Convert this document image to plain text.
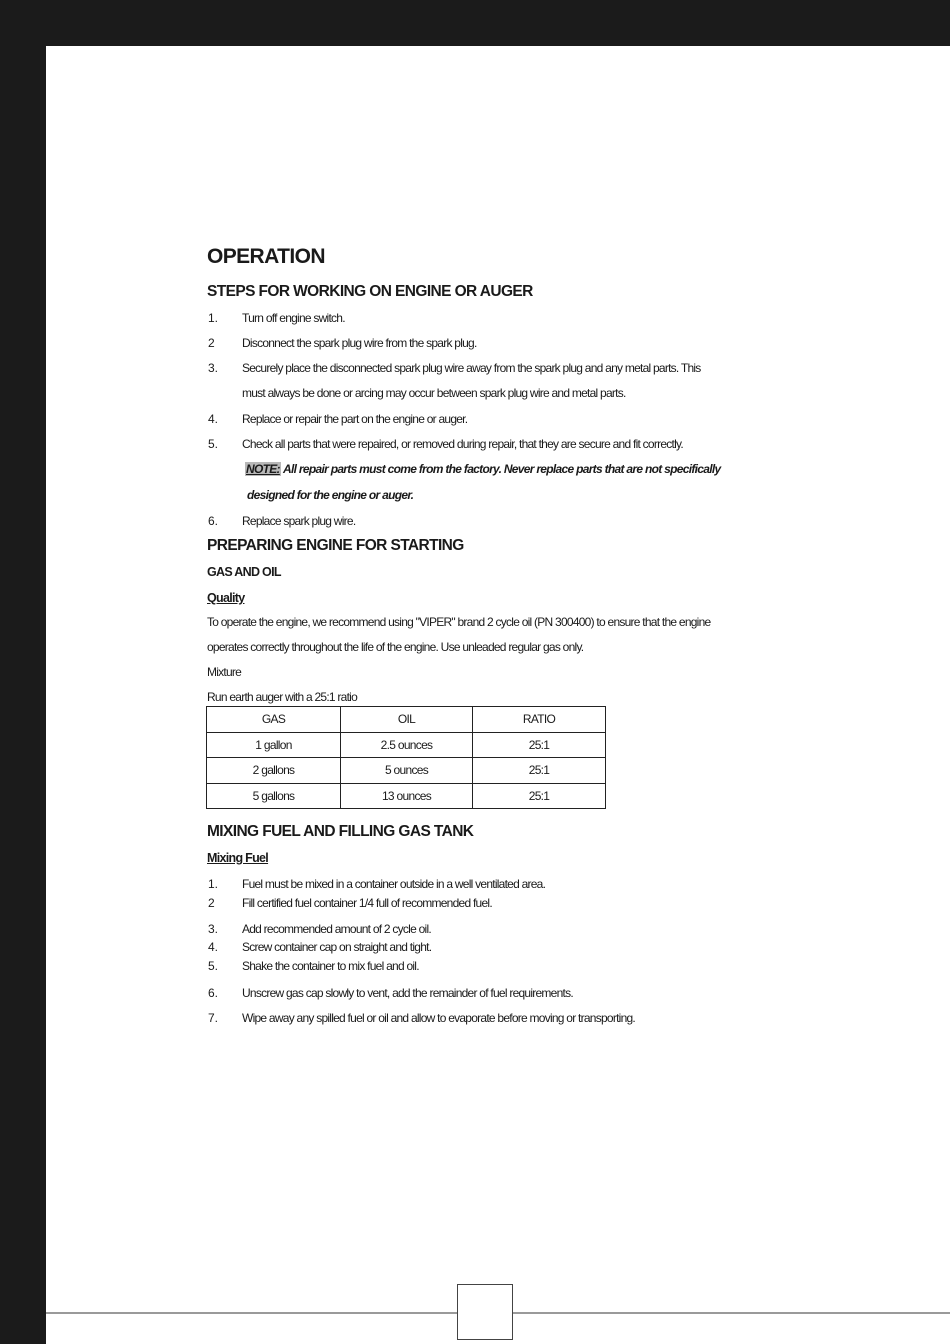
OPERATION
STEPS FOR WORKING ON ENGINE OR AUGER
1. Turn off engine switch.
2 Disconnect the spark plug wire from the spark plug.
3. Securely place the disconnected spark plug wire away from the spark plug and any metal parts. This
must always be done or arcing may occur between spark plug wire and metal parts.
4. Replace or repair the part on the engine or auger.
5. Check all parts that were repaired, or removed during repair, that they are secure and fit correctly.
NOTE: All repair parts must come from the factory. Never replace parts that are not specifically
designed for the engine or auger.
6. Replace spark plug wire.
PREPARING ENGINE FOR STARTING
GAS AND OIL
Quality
To operate the engine, we recommend using "VIPER" brand 2 cycle oil (PN 300400) to ensure that the engine
operates correctly throughout the life of the engine. Use unleaded regular gas only.
Mixture
Run earth auger with a 25:1 ratio
GAS	OIL	RATIO
1 gallon	2.5 ounces	25:1
2 gallons	5 ounces	25:1
5 gallons	13 ounces	25:1
MIXING FUEL AND FILLING GAS TANK
Mixing Fuel
1. Fuel must be mixed in a container outside in a well ventilated area.
2 Fill certified fuel container 1/4 full of recommended fuel.
3. Add recommended amount of 2 cycle oil.
4. Screw container cap on straight and tight.
5. Shake the container to mix fuel and oil.
6. Unscrew gas cap slowly to vent, add the remainder of fuel requirements.
7. Wipe away any spilled fuel or oil and allow to evaporate before moving or transporting.
